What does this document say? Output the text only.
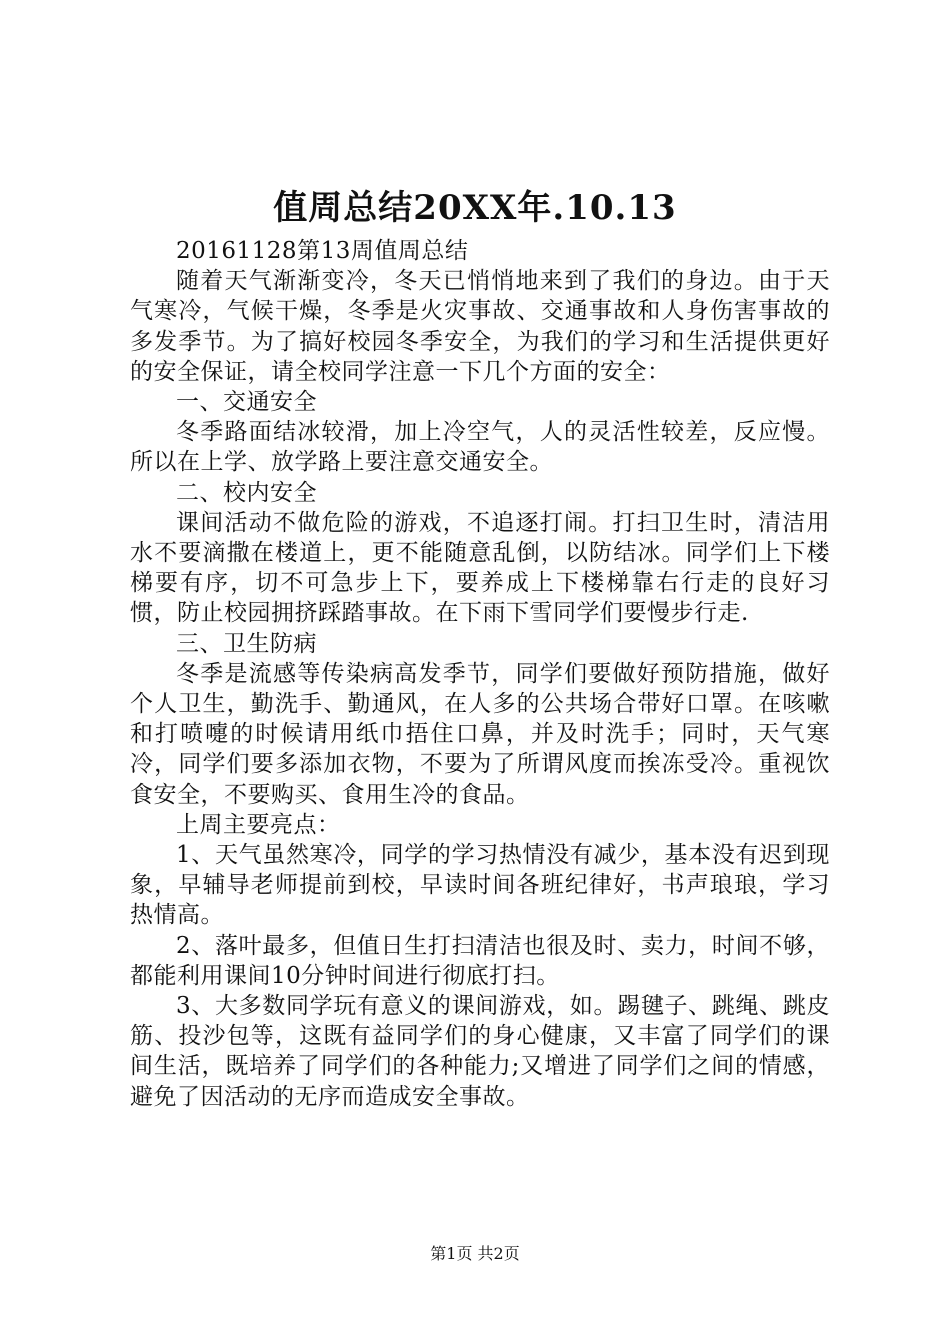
值周总结20XX年.10.13

20161128第13周值周总结

随着天气渐渐变冷，冬天已悄悄地来到了我们的身边。由于天气寒冷，气候干燥，冬季是火灾事故、交通事故和人身伤害事故的多发季节。为了搞好校园冬季安全，为我们的学习和生活提供更好的安全保证，请全校同学注意一下几个方面的安全：

一、交通安全

冬季路面结冰较滑，加上冷空气，人的灵活性较差，反应慢。所以在上学、放学路上要注意交通安全。

二、校内安全

课间活动不做危险的游戏，不追逐打闹。打扫卫生时，清洁用水不要滴撒在楼道上，更不能随意乱倒，以防结冰。同学们上下楼梯要有序，切不可急步上下，要养成上下楼梯靠右行走的良好习惯，防止校园拥挤踩踏事故。在下雨下雪同学们要慢步行走.

三、卫生防病

冬季是流感等传染病高发季节，同学们要做好预防措施，做好个人卫生，勤洗手、勤通风，在人多的公共场合带好口罩。在咳嗽和打喷嚏的时候请用纸巾捂住口鼻，并及时洗手；同时，天气寒冷，同学们要多添加衣物，不要为了所谓风度而挨冻受冷。重视饮食安全，不要购买、食用生冷的食品。

上周主要亮点：

1、天气虽然寒冷，同学的学习热情没有减少，基本没有迟到现象，早辅导老师提前到校，早读时间各班纪律好，书声琅琅，学习热情高。

2、落叶最多，但值日生打扫清洁也很及时、卖力，时间不够，都能利用课间10分钟时间进行彻底打扫。

3、大多数同学玩有意义的课间游戏，如。踢毽子、跳绳、跳皮筋、投沙包等，这既有益同学们的身心健康，又丰富了同学们的课间生活，既培养了同学们的各种能力;又增进了同学们之间的情感，避免了因活动的无序而造成安全事故。

第1页 共2页
